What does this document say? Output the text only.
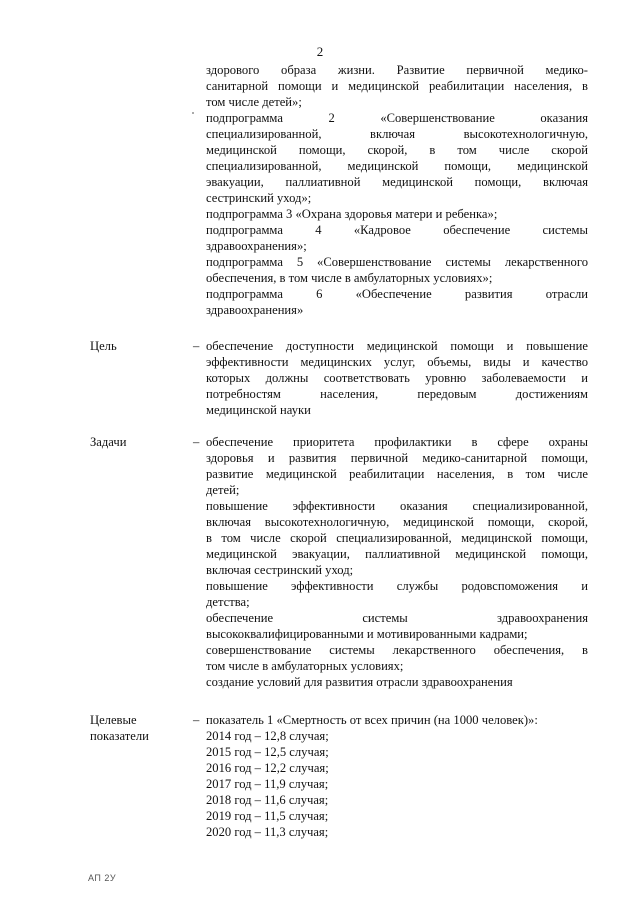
2

здорового образа жизни. Развитие первичной медико-

санитарной помощи и медицинской реабилитации населения, в

том числе детей»;

подпрограмма 2 «Совершенствование оказания

специализированной, включая высокотехнологичную,

медицинской помощи, скорой, в том числе скорой

специализированной, медицинской помощи, медицинской

эвакуации, паллиативной медицинской помощи, включая

сестринский уход»;

подпрограмма 3 «Охрана здоровья матери и ребенка»;

подпрограмма 4 «Кадровое обеспечение системы

здравоохранения»;

подпрограмма 5 «Совершенствование системы лекарственного

обеспечения, в том числе в амбулаторных условиях»;

подпрограмма 6 «Обеспечение развития отрасли

здравоохранения»

Цель	– обеспечение доступности медицинской помощи и повышение

эффективности медицинских услуг, объемы, виды и качество

которых должны соответствовать уровню заболеваемости и

потребностям населения, передовым достижениям

медицинской науки

Задачи	– обеспечение приоритета профилактики в сфере охраны

здоровья и развития первичной медико-санитарной помощи,

развитие медицинской реабилитации населения, в том числе

детей;

повышение эффективности оказания специализированной,

включая высокотехнологичную, медицинской помощи, скорой,

в том числе скорой специализированной, медицинской помощи,

медицинской эвакуации, паллиативной медицинской помощи,

включая сестринский уход;

повышение эффективности службы родовспоможения и

детства;

обеспечение системы здравоохранения

высококвалифицированными и мотивированными кадрами;

совершенствование системы лекарственного обеспечения, в

том числе в амбулаторных условиях;

создание условий для развития отрасли здравоохранения

Целевые

показатели

– показатель 1 «Смертность от всех причин (на 1000 человек)»:

2014 год – 12,8 случая;

2015 год – 12,5 случая;

2016 год – 12,2 случая;

2017 год – 11,9 случая;

2018 год – 11,6 случая;

2019 год – 11,5 случая;

2020 год – 11,3 случая;

АП 2У
